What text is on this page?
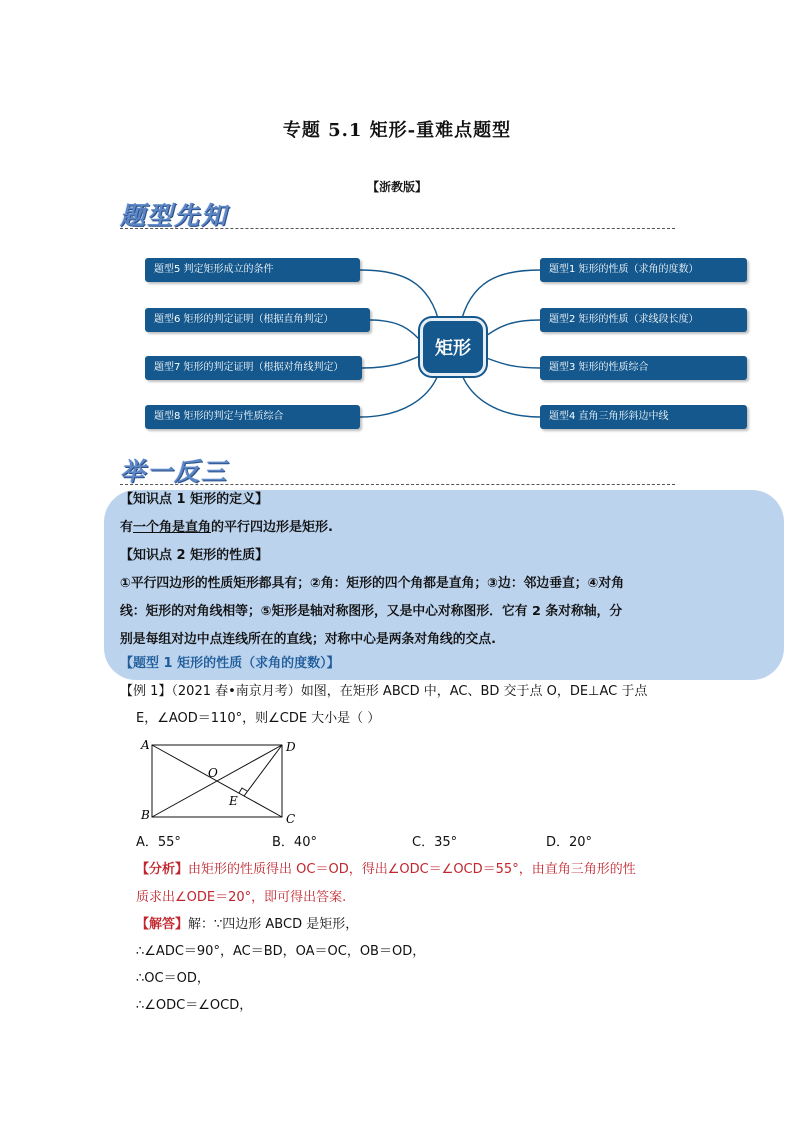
专题 5.1 矩形-重难点题型
【浙教版】
题型先知
题型5 判定矩形成立的条件
题型6 矩形的判定证明（根据直角判定）
题型7 矩形的判定证明（根据对角线判定）
题型8 矩形的判定与性质综合
题型1 矩形的性质（求角的度数）
题型2 矩形的性质（求线段长度）
题型3 矩形的性质综合
题型4 直角三角形斜边中线
矩形
举一反三
【知识点 1 矩形的定义】
有一个角是直角的平行四边形是矩形.
【知识点 2 矩形的性质】
①平行四边形的性质矩形都具有；②角：矩形的四个角都是直角；③边：邻边垂直；④对角
线：矩形的对角线相等；⑤矩形是轴对称图形，又是中心对称图形．它有 2 条对称轴，分
别是每组对边中点连线所在的直线；对称中心是两条对角线的交点.
【题型 1 矩形的性质（求角的度数）】
【例 1】（2021 春•南京月考）如图，在矩形 ABCD 中，AC、BD 交于点 O，DE⊥AC 于点
E，∠AOD＝110°，则∠CDE 大小是（ ）
A	D
B	C
O
E
A．55°	B．40°	C．35°	D．20°
【分析】由矩形的性质得出 OC＝OD，得出∠ODC＝∠OCD＝55°，由直角三角形的性
质求出∠ODE＝20°，即可得出答案.
【解答】解：∵四边形 ABCD 是矩形，
∴∠ADC＝90°，AC＝BD，OA＝OC，OB＝OD，
∴OC＝OD，
∴∠ODC＝∠OCD，
